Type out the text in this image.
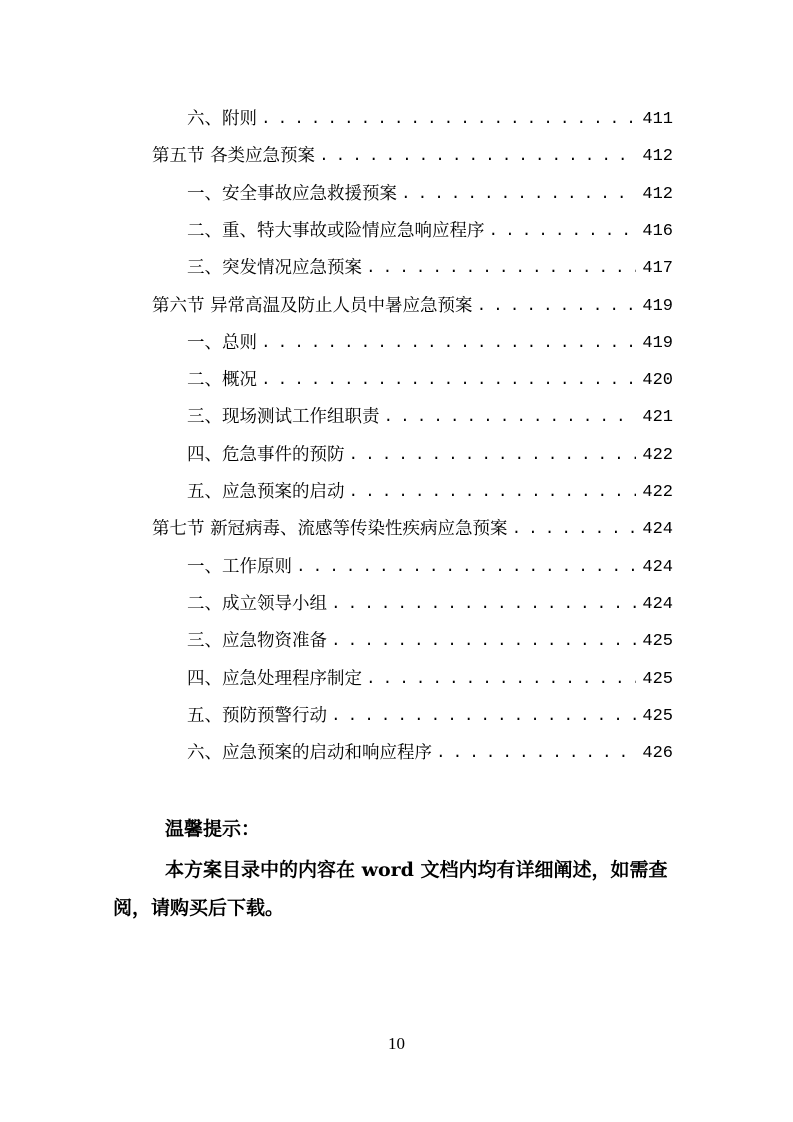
六、附则 . . .	411
第五节 各类应急预案 . . .	412
一、安全事故应急救援预案 . . .	412
二、重、特大事故或险情应急响应程序 . . .	416
三、突发情况应急预案 . . .	417
第六节 异常高温及防止人员中暑应急预案 . . .	419
一、总则 . . .	419
二、概况 . . .	420
三、现场测试工作组职责 . . .	421
四、危急事件的预防 . . .	422
五、应急预案的启动 . . .	422
第七节 新冠病毒、流感等传染性疾病应急预案 . . .	424
一、工作原则 . . .	424
二、成立领导小组 . . .	424
三、应急物资准备 . . .	425
四、应急处理程序制定 . . .	425
五、预防预警行动 . . .	425
六、应急预案的启动和响应程序 . . .	426
温馨提示：
本方案目录中的内容在 word 文档内均有详细阐述，如需查阅，请购买后下载。
10
